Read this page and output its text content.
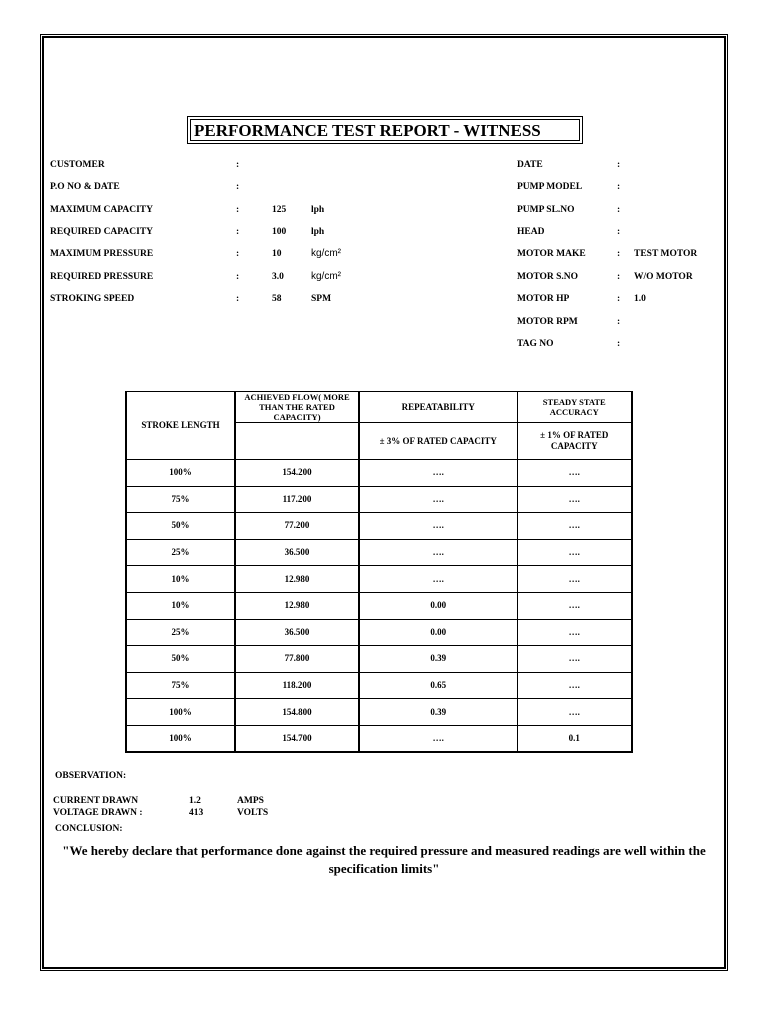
PERFORMANCE TEST REPORT - WITNESS
CUSTOMER	:
P.O NO & DATE	:
MAXIMUM CAPACITY	:	125	lph
REQUIRED CAPACITY	:	100	lph
MAXIMUM PRESSURE	:	10	kg/cm²
REQUIRED PRESSURE	:	3.0	kg/cm²
STROKING SPEED	:	58	SPM
DATE	:
PUMP MODEL	:
PUMP SL.NO	:
HEAD	:
MOTOR MAKE	: TEST MOTOR
MOTOR S.NO	: W/O MOTOR
MOTOR HP	: 1.0
MOTOR RPM	:
TAG NO	:
STROKE LENGTH	ACHIEVED FLOW( MORE THAN THE RATED CAPACITY)	REPEATABILITY	STEADY STATE ACCURACY
		± 3% OF RATED CAPACITY	± 1% OF RATED CAPACITY
100%	154.200	….	….
75%	117.200	….	….
50%	77.200	….	….
25%	36.500	….	….
10%	12.980	….	….
10%	12.980	0.00	….
25%	36.500	0.00	….
50%	77.800	0.39	….
75%	118.200	0.65	….
100%	154.800	0.39	….
100%	154.700	….	0.1
OBSERVATION:
CURRENT DRAWN	1.2	AMPS
VOLTAGE DRAWN :	413	VOLTS
CONCLUSION:
"We hereby declare that performance done against the required pressure and measured readings are well within the specification limits"
